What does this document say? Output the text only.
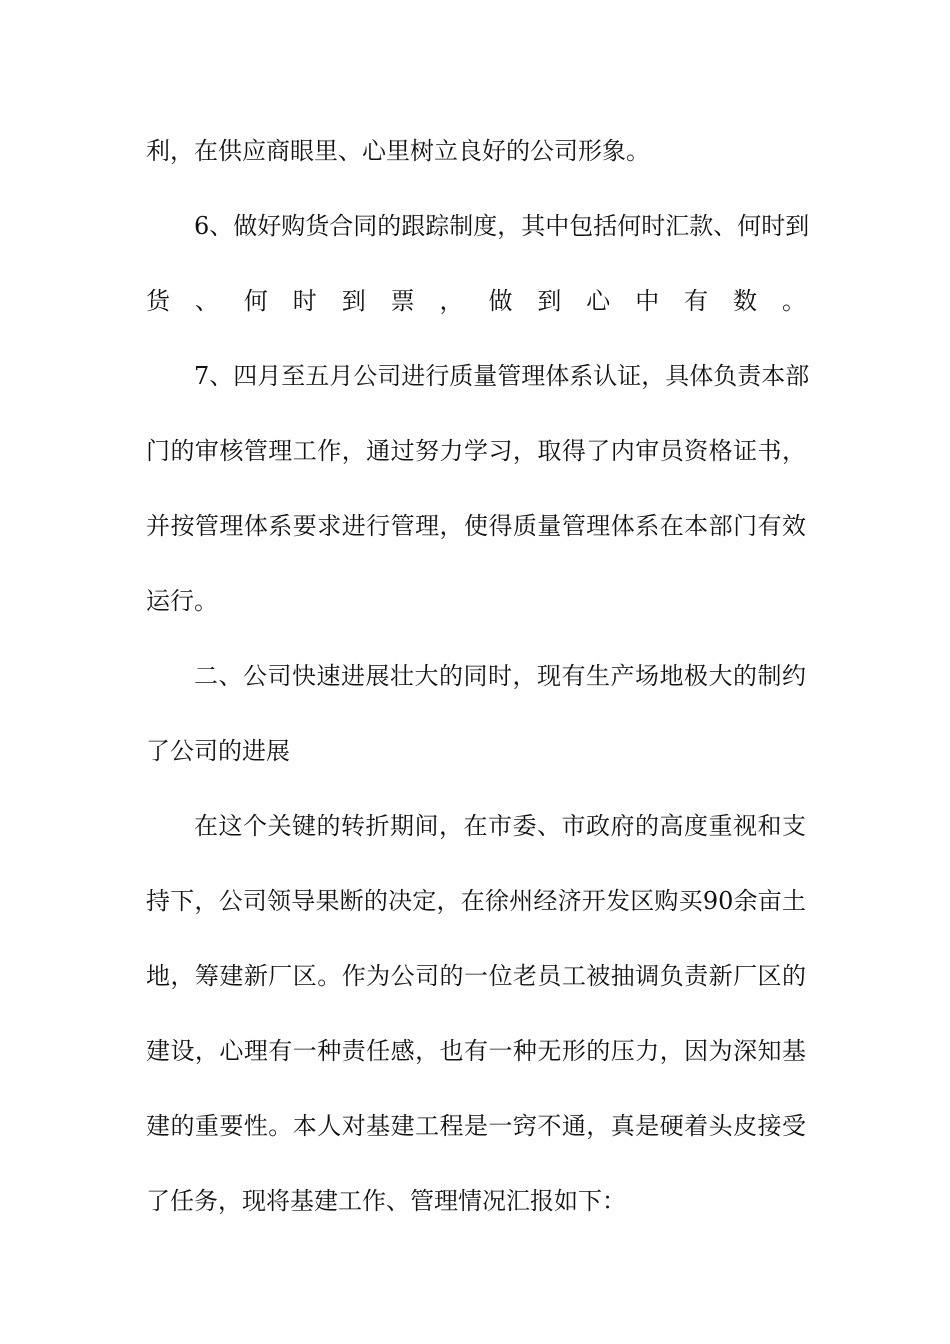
利，在供应商眼里、心里树立良好的公司形象。
6、做好购货合同的跟踪制度，其中包括何时汇款、何时到
货、何时到票，做到心中有数。
7、四月至五月公司进行质量管理体系认证，具体负责本部
门的审核管理工作，通过努力学习，取得了内审员资格证书，
并按管理体系要求进行管理，使得质量管理体系在本部门有效
运行。
二、公司快速进展壮大的同时，现有生产场地极大的制约
了公司的进展
在这个关键的转折期间，在市委、市政府的高度重视和支
持下，公司领导果断的决定，在徐州经济开发区购买90余亩土
地，筹建新厂区。作为公司的一位老员工被抽调负责新厂区的
建设，心理有一种责任感，也有一种无形的压力，因为深知基
建的重要性。本人对基建工程是一窍不通，真是硬着头皮接受
了任务，现将基建工作、管理情况汇报如下：
